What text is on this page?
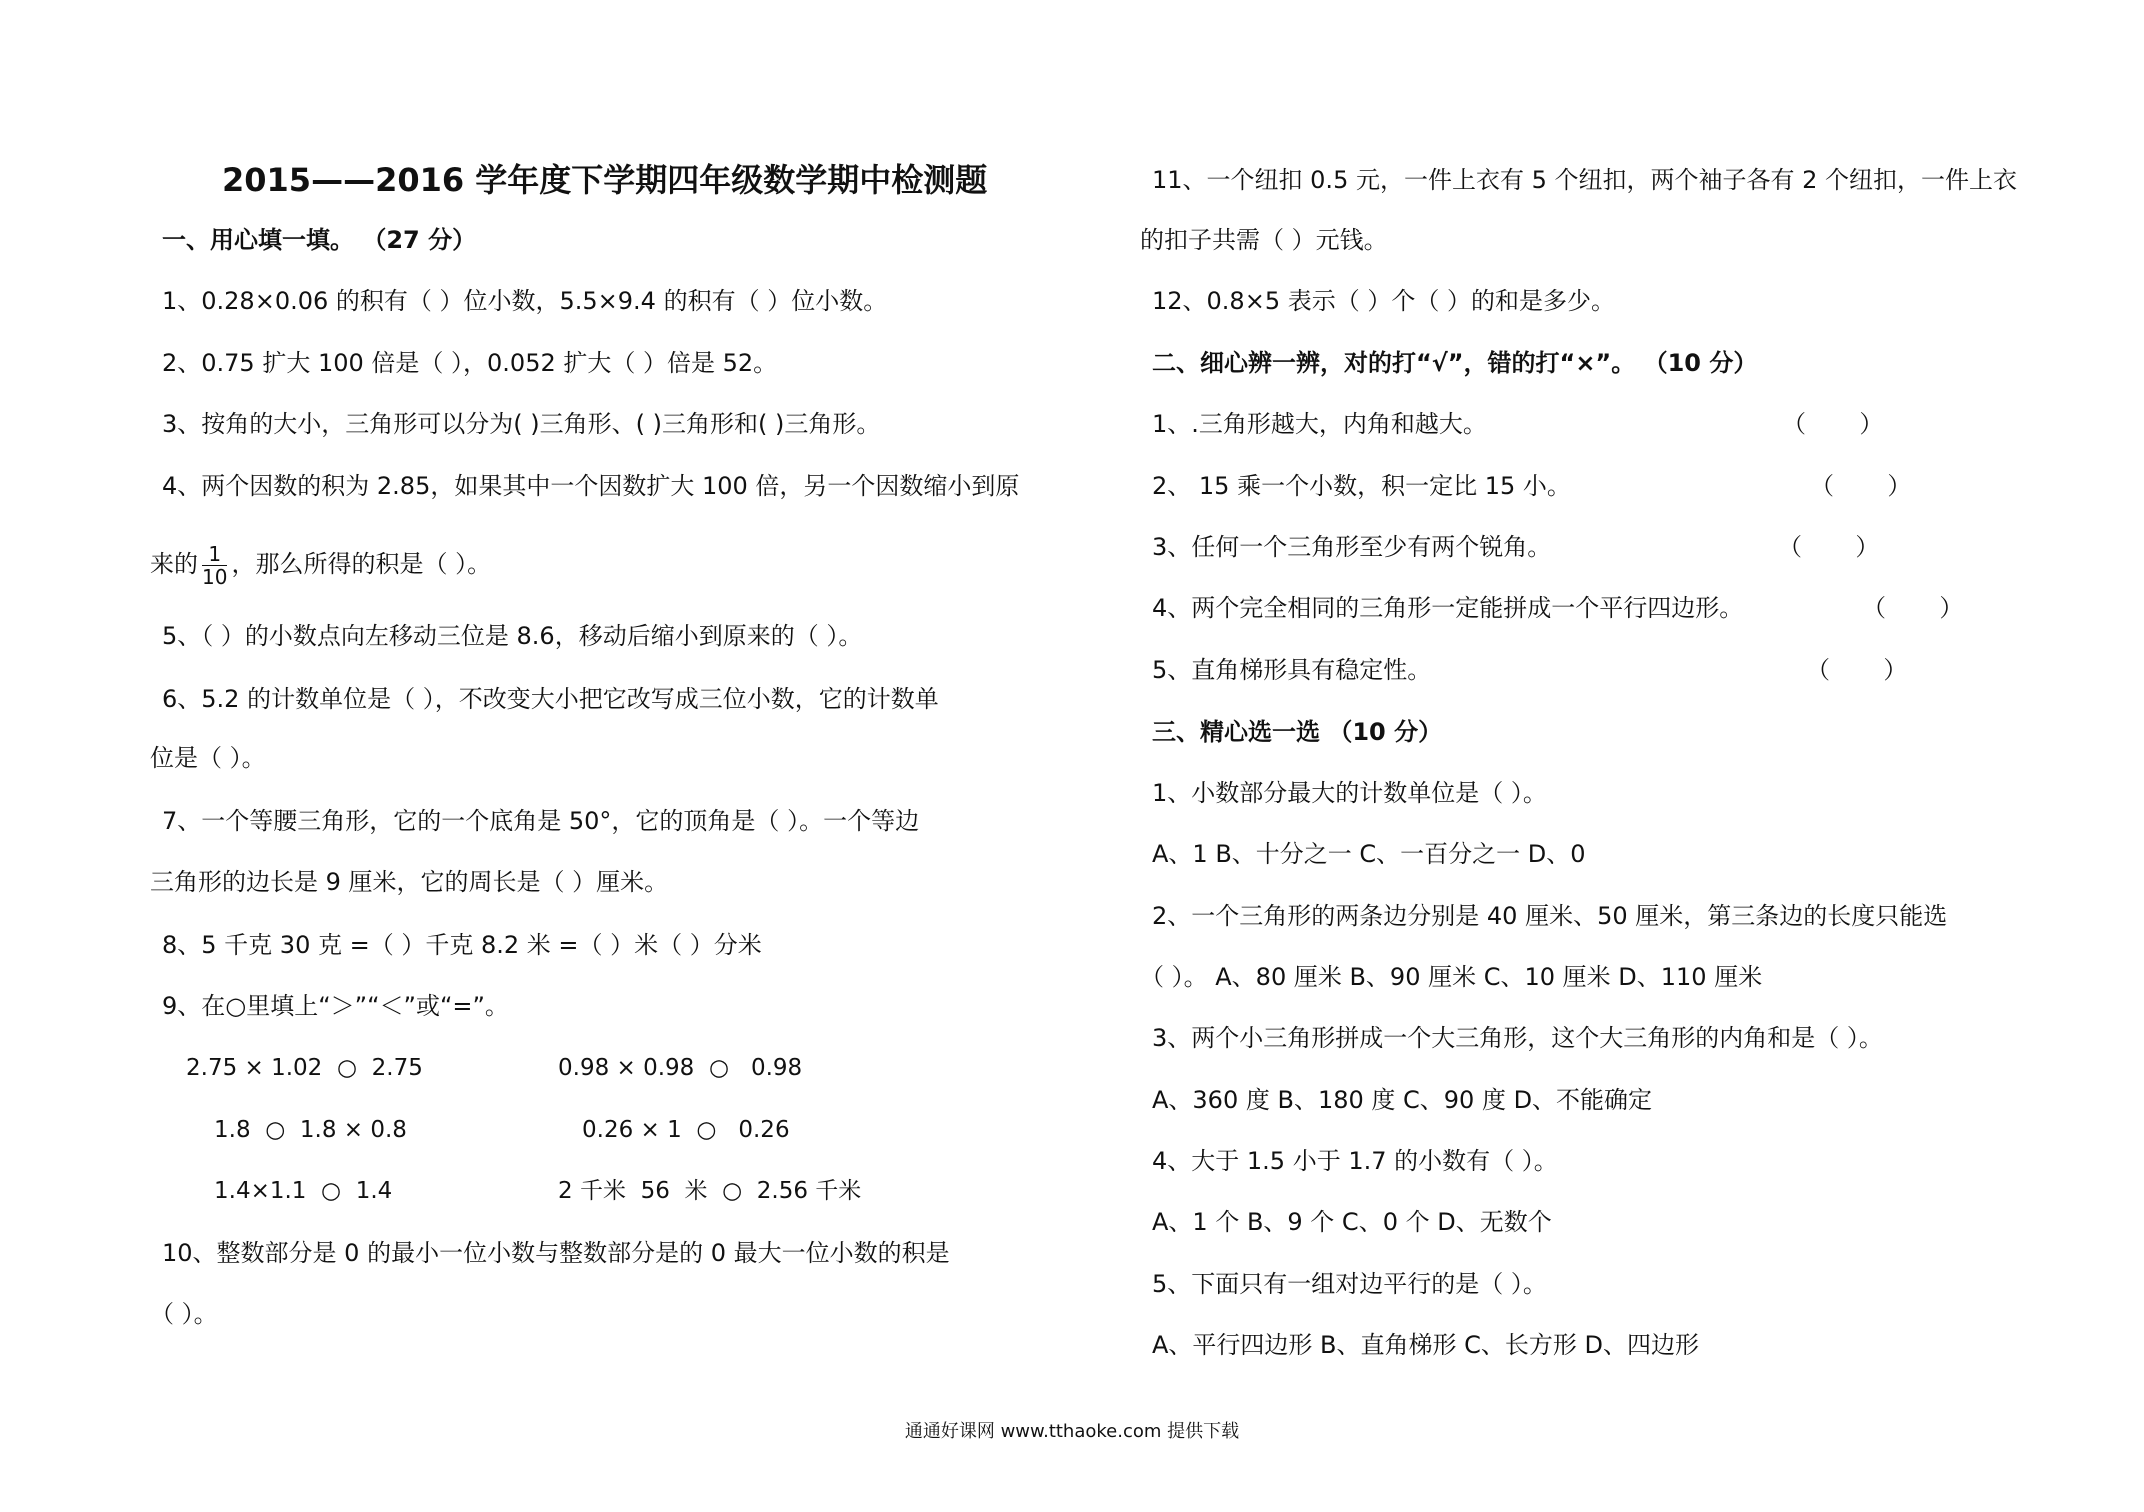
2015——2016 学年度下学期四年级数学期中检测题
一、用心填一填。 （27 分）
1、0.28×0.06 的积有（ ）位小数，5.5×9.4 的积有（ ）位小数。
2、0.75 扩大 100 倍是（ ），0.052 扩大（ ）倍是 52。
3、按角的大小，三角形可以分为( )三角形、( )三角形和( )三角形。
4、两个因数的积为 2.85，如果其中一个因数扩大 100 倍，另一个因数缩小到原
来的 $\frac{1}{10}$ ，那么所得的积是（ ）。
5、（ ）的小数点向左移动三位是 8.6，移动后缩小到原来的（ ）。
6、5.2 的计数单位是（ ），不改变大小把它改写成三位小数，它的计数单
位是（ ）。
7、一个等腰三角形，它的一个底角是 50°，它的顶角是（ ）。一个等边
三角形的边长是 9 厘米，它的周长是（ ）厘米。
8、5 千克 30 克 =（ ）千克 8.2 米 =（ ）米（ ）分米
9、在○里填上“＞”“＜”或“=”。
2.75 × 1.02  ○  2.75	0.98 × 0.98  ○   0.98
1.8  ○  1.8 × 0.8	0.26 × 1  ○   0.26
1.4×1.1  ○  1.4	2 千米  56  米  ○  2.56 千米
10、整数部分是 0 的最小一位小数与整数部分是的 0 最大一位小数的积是
（ ）。
11、一个纽扣 0.5 元，一件上衣有 5 个纽扣，两个袖子各有 2 个纽扣，一件上衣
的扣子共需（ ）元钱。
12、0.8×5 表示（ ）个（ ）的和是多少。
二、细心辨一辨，对的打“√”，错的打“×”。 （10 分）
1、.三角形越大，内角和越大。	（       ）
2、 15 乘一个小数，积一定比 15 小。	（       ）
3、任何一个三角形至少有两个锐角。	（       ）
4、两个完全相同的三角形一定能拼成一个平行四边形。	（       ）
5、直角梯形具有稳定性。	（       ）
三、精心选一选 （10 分）
1、小数部分最大的计数单位是（ ）。
A、1 B、十分之一 C、一百分之一 D、0
2、一个三角形的两条边分别是 40 厘米、50 厘米，第三条边的长度只能选
（ ）。 A、80 厘米 B、90 厘米 C、10 厘米 D、110 厘米
3、两个小三角形拼成一个大三角形，这个大三角形的内角和是（ ）。
A、360 度 B、180 度 C、90 度 D、不能确定
4、大于 1.5 小于 1.7 的小数有（ ）。
A、1 个 B、9 个 C、0 个 D、无数个
5、下面只有一组对边平行的是（ ）。
A、平行四边形 B、直角梯形 C、长方形 D、四边形
通通好课网 www.tthaoke.com 提供下载
